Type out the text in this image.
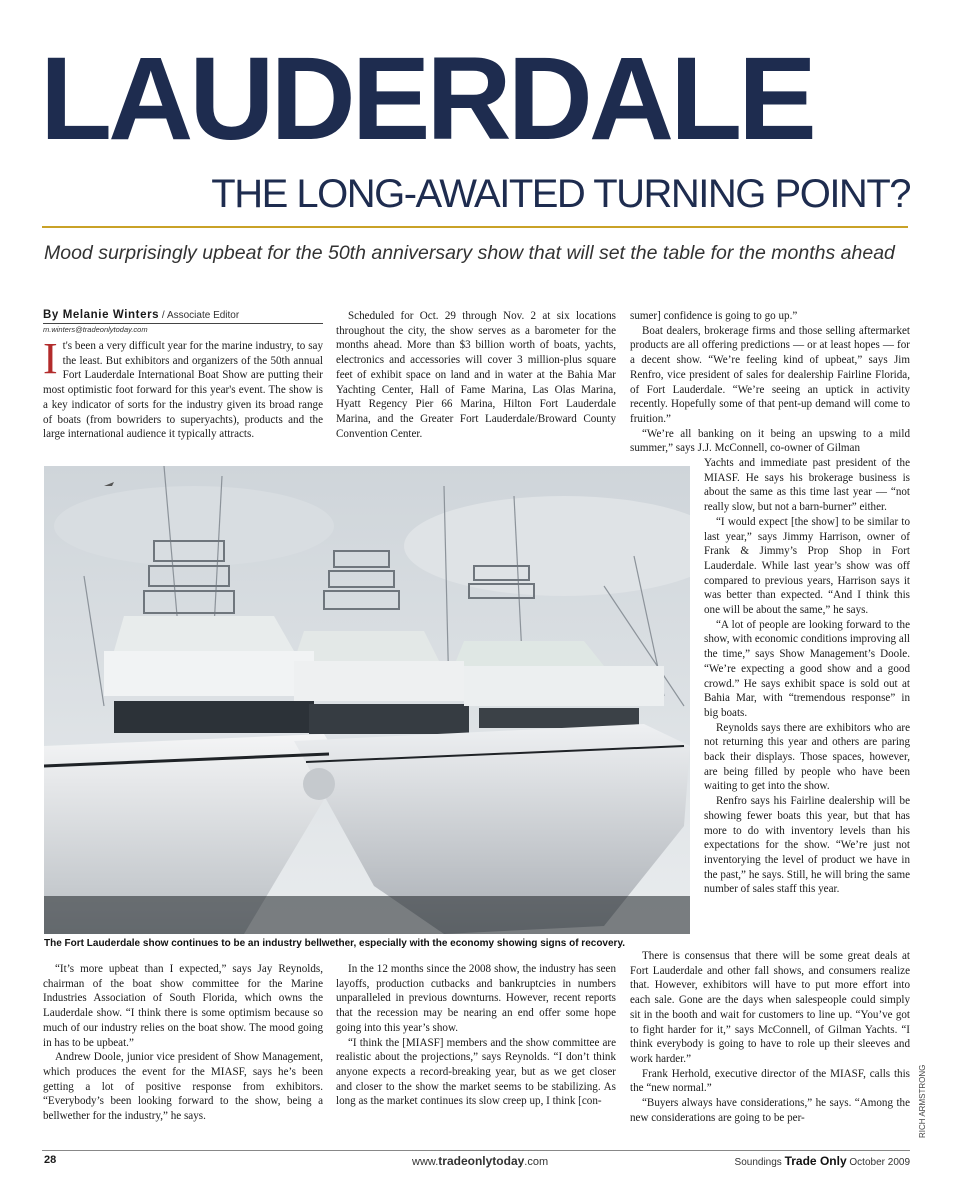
LAUDERDALE
THE LONG-AWAITED TURNING POINT?
Mood surprisingly upbeat for the 50th anniversary show that will set the table for the months ahead
By Melanie Winters / Associate Editor
m.winters@tradeonlytoday.com

It's been a very difficult year for the marine industry, to say the least. But exhibitors and organizers of the 50th annual Fort Lauderdale International Boat Show are putting their most optimistic foot forward for this year's event. The show is a key indicator of sorts for the industry given its broad range of boats (from bowriders to superyachts), products and the large international audience it typically attracts.

Scheduled for Oct. 29 through Nov. 2 at six locations throughout the city, the show serves as a barometer for the months ahead. More than $3 billion worth of boats, yachts, electronics and accessories will cover 3 million-plus square feet of exhibit space on land and in water at the Bahia Mar Yachting Center, Hall of Fame Marina, Las Olas Marina, Hyatt Regency Pier 66 Marina, Hilton Fort Lauderdale Marina, and the Greater Fort Lauderdale/Broward County Convention Center.

sumer] confidence is going to go up.”

Boat dealers, brokerage firms and those selling aftermarket products are all offering predictions — or at least hopes — for a decent show. “We’re feeling kind of upbeat,” says Jim Renfro, vice president of sales for dealership Fairline Florida, of Fort Lauderdale. “We’re seeing an uptick in activity recently. Hopefully some of that pent-up demand will come to fruition.”

“We’re all banking on it being an upswing to a mild summer,” says J.J. McConnell, co-owner of Gilman

Yachts and immediate past president of the MIASF. He says his brokerage business is about the same as this time last year — “not really slow, but not a barn-burner” either.

“I would expect [the show] to be similar to last year,” says Jimmy Harrison, owner of Frank & Jimmy’s Prop Shop in Fort Lauderdale. While last year’s show was off compared to previous years, Harrison says it was better than expected. “And I think this one will be about the same,” he says.

“A lot of people are looking forward to the show, with economic conditions improving all the time,” says Show Management’s Doole. “We’re expecting a good show and a good crowd.” He says exhibit space is sold out at Bahia Mar, with “tremendous response” in big boats.

Reynolds says there are exhibitors who are not returning this year and others are paring back their displays. Those spaces, however, are being filled by people who have been waiting to get into the show.

Renfro says his Fairline dealership will be showing fewer boats this year, but that has more to do with inventory levels than his expectations for the show. “We’re just not inventorying the level of product we have in the past,” he says. Still, he will bring the same number of sales staff this year.

The Fort Lauderdale show continues to be an industry bellwether, especially with the economy showing signs of recovery.

“It’s more upbeat than I expected,” says Jay Reynolds, chairman of the boat show committee for the Marine Industries Association of South Florida, which owns the Lauderdale show. “I think there is some optimism because so much of our industry relies on the boat show. The mood going in has to be upbeat.”

Andrew Doole, junior vice president of Show Management, which produces the event for the MIASF, says he’s been getting a lot of positive response from exhibitors. “Everybody’s been looking forward to the show, being a bellwether for the industry,” he says.

In the 12 months since the 2008 show, the industry has seen layoffs, production cutbacks and bankruptcies in numbers unparalleled in previous downturns. However, recent reports that the recession may be nearing an end offer some hope going into this year’s show.

“I think the [MIASF] members and the show committee are realistic about the projections,” says Reynolds. “I don’t think anyone expects a record-breaking year, but as we get closer and closer to the show the market seems to be stabilizing. As long as the market continues its slow creep up, I think [con-

There is consensus that there will be some great deals at Fort Lauderdale and other fall shows, and consumers realize that. However, exhibitors will have to put more effort into each sale. Gone are the days when salespeople could simply sit in the booth and wait for customers to line up. “You’ve got to fight harder for it,” says McConnell, of Gilman Yachts. “I think everybody is going to have to role up their sleeves and work harder.”

Frank Herhold, executive director of the MIASF, calls this the “new normal.”

“Buyers always have considerations,” he says. “Among the new considerations are going to be per-	RICH ARMSTRONG
28	www.tradeonlytoday.com	Soundings Trade Only October 2009
